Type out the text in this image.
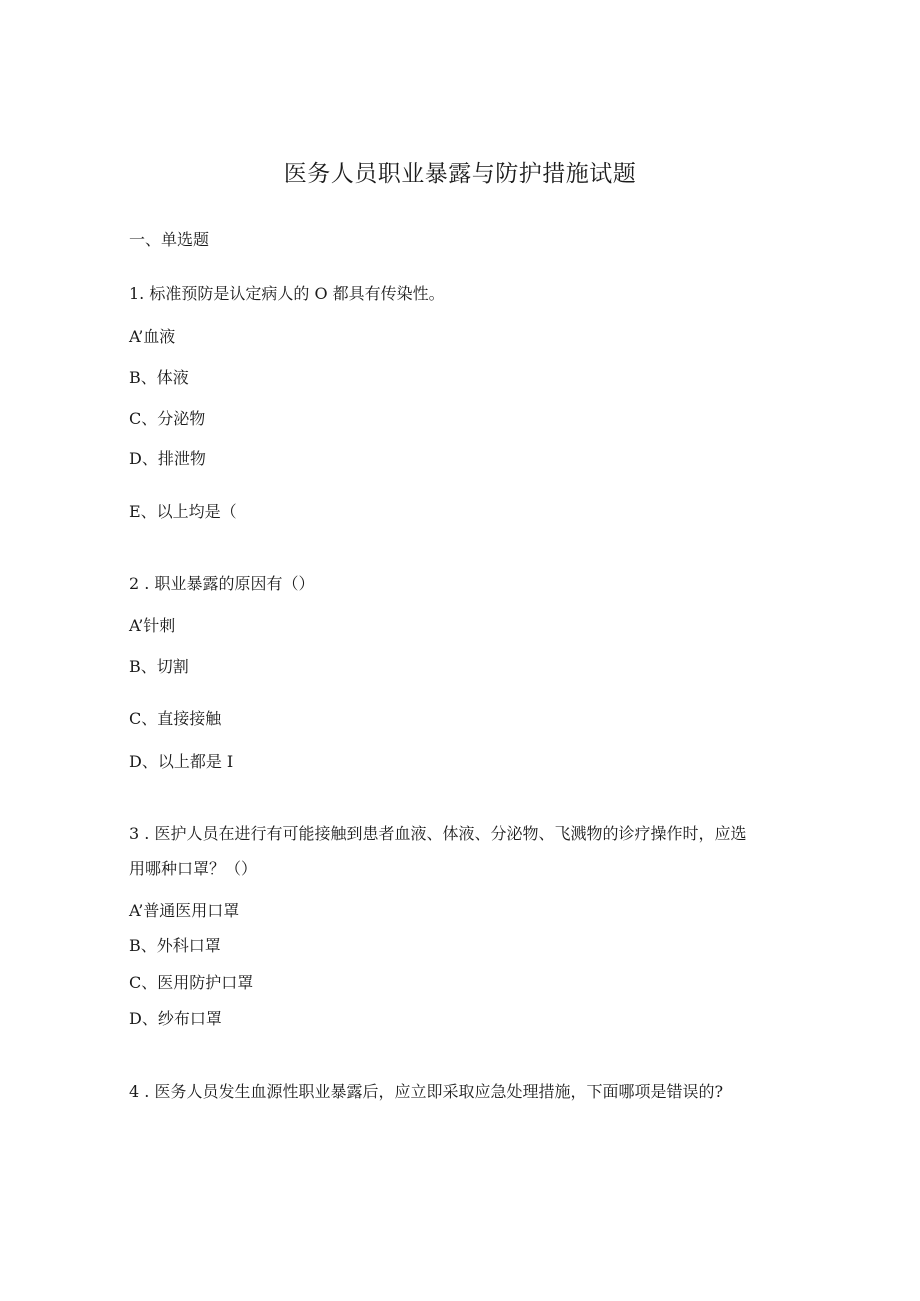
医务人员职业暴露与防护措施试题
一、单选题
1. 标准预防是认定病人的 O 都具有传染性。
A’血液
B、体液
C、分泌物
D、排泄物
E、以上均是（
2 . 职业暴露的原因有（）
A’针刺
B、切割
C、直接接触
D、以上都是 I
3 . 医护人员在进行有可能接触到患者血液、体液、分泌物、飞溅物的诊疗操作时，应选
用哪种口罩？（）
A’普通医用口罩
B、外科口罩
C、医用防护口罩
D、纱布口罩
4 . 医务人员发生血源性职业暴露后，应立即采取应急处理措施，下面哪项是错误的?
